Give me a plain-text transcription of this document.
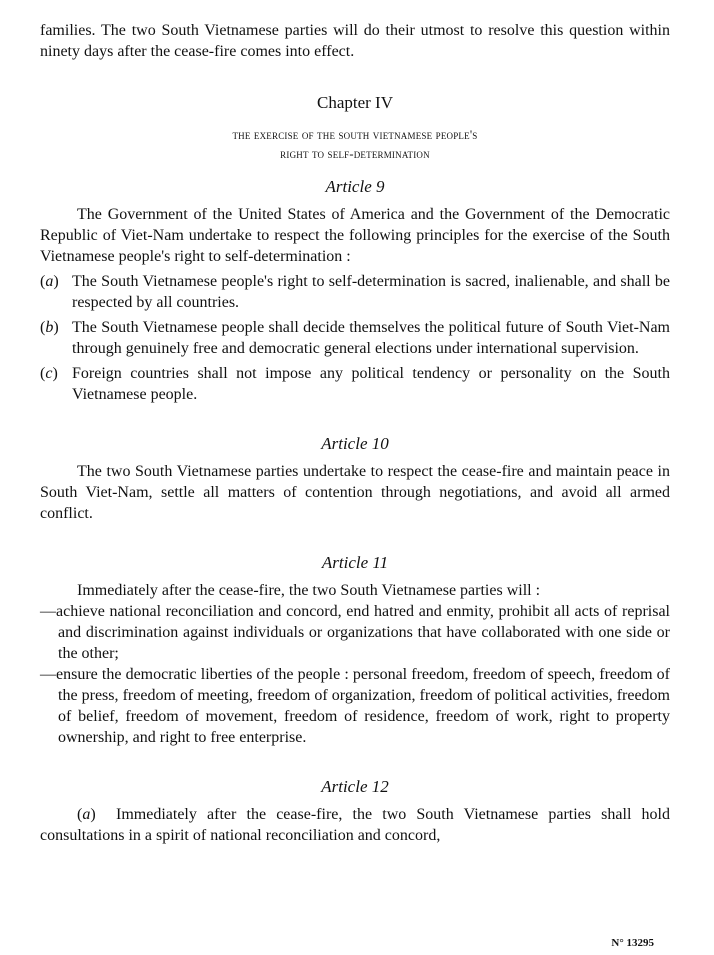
families. The two South Vietnamese parties will do their utmost to resolve this question within ninety days after the cease-fire comes into effect.

Chapter IV
the exercise of the south vietnamese people's
right to self-determination
Article 9

The Government of the United States of America and the Government of the Democratic Republic of Viet-Nam undertake to respect the following principles for the exercise of the South Vietnamese people's right to self-determination :

(a) The South Vietnamese people's right to self-determination is sacred, inalienable, and shall be respected by all countries.
(b) The South Vietnamese people shall decide themselves the political future of South Viet-Nam through genuinely free and democratic general elections under international supervision.
(c) Foreign countries shall not impose any political tendency or personality on the South Vietnamese people.
Article 10

The two South Vietnamese parties undertake to respect the cease-fire and maintain peace in South Viet-Nam, settle all matters of contention through negotiations, and avoid all armed conflict.

Article 11

Immediately after the cease-fire, the two South Vietnamese parties will :

—achieve national reconciliation and concord, end hatred and enmity, prohibit all acts of reprisal and discrimination against individuals or organizations that have collaborated with one side or the other;

—ensure the democratic liberties of the people : personal freedom, freedom of speech, freedom of the press, freedom of meeting, freedom of organization, freedom of political activities, freedom of belief, freedom of movement, freedom of residence, freedom of work, right to property ownership, and right to free enterprise.

Article 12

(a) Immediately after the cease-fire, the two South Vietnamese parties shall hold consultations in a spirit of national reconciliation and concord,

N° 13295
